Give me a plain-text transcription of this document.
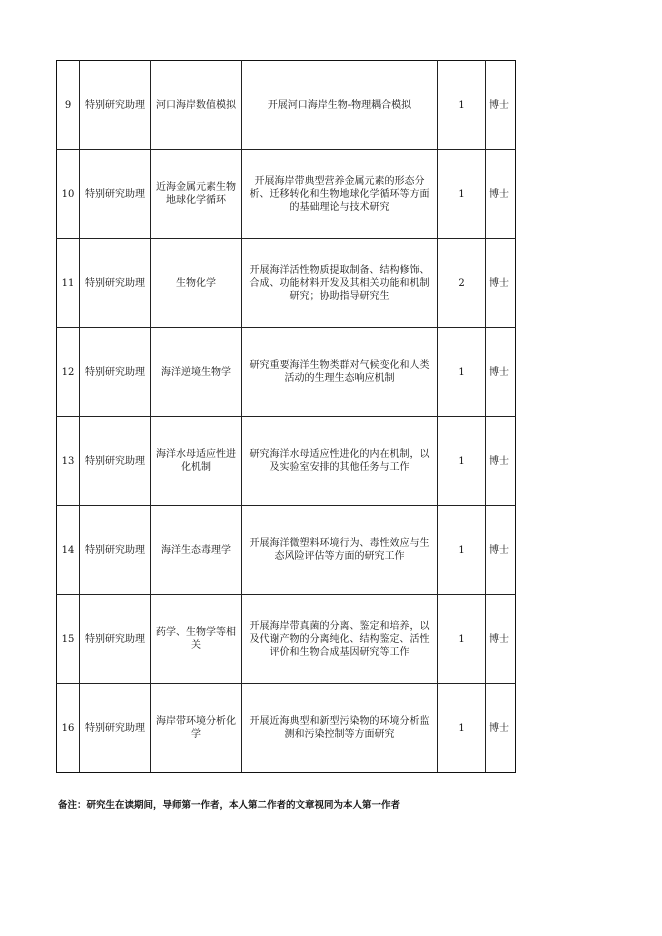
9	特别研究助理	河口海岸数值模拟	开展河口海岸生物-物理耦合模拟	1	博士
10	特别研究助理	近海金属元素生物地球化学循环	开展海岸带典型营养金属元素的形态分析、迁移转化和生物地球化学循环等方面的基础理论与技术研究	1	博士
11	特别研究助理	生物化学	开展海洋活性物质提取制备、结构修饰、合成、功能材料开发及其相关功能和机制研究；协助指导研究生	2	博士
12	特别研究助理	海洋逆境生物学	研究重要海洋生物类群对气候变化和人类活动的生理生态响应机制	1	博士
13	特别研究助理	海洋水母适应性进化机制	研究海洋水母适应性进化的内在机制，以及实验室安排的其他任务与工作	1	博士
14	特别研究助理	海洋生态毒理学	开展海洋微塑料环境行为、毒性效应与生态风险评估等方面的研究工作	1	博士
15	特别研究助理	药学、生物学等相关	开展海岸带真菌的分离、鉴定和培养，以及代谢产物的分离纯化、结构鉴定、活性评价和生物合成基因研究等工作	1	博士
16	特别研究助理	海岸带环境分析化学	开展近海典型和新型污染物的环境分析监测和污染控制等方面研究	1	博士
备注：研究生在读期间，导师第一作者，本人第二作者的文章视同为本人第一作者
